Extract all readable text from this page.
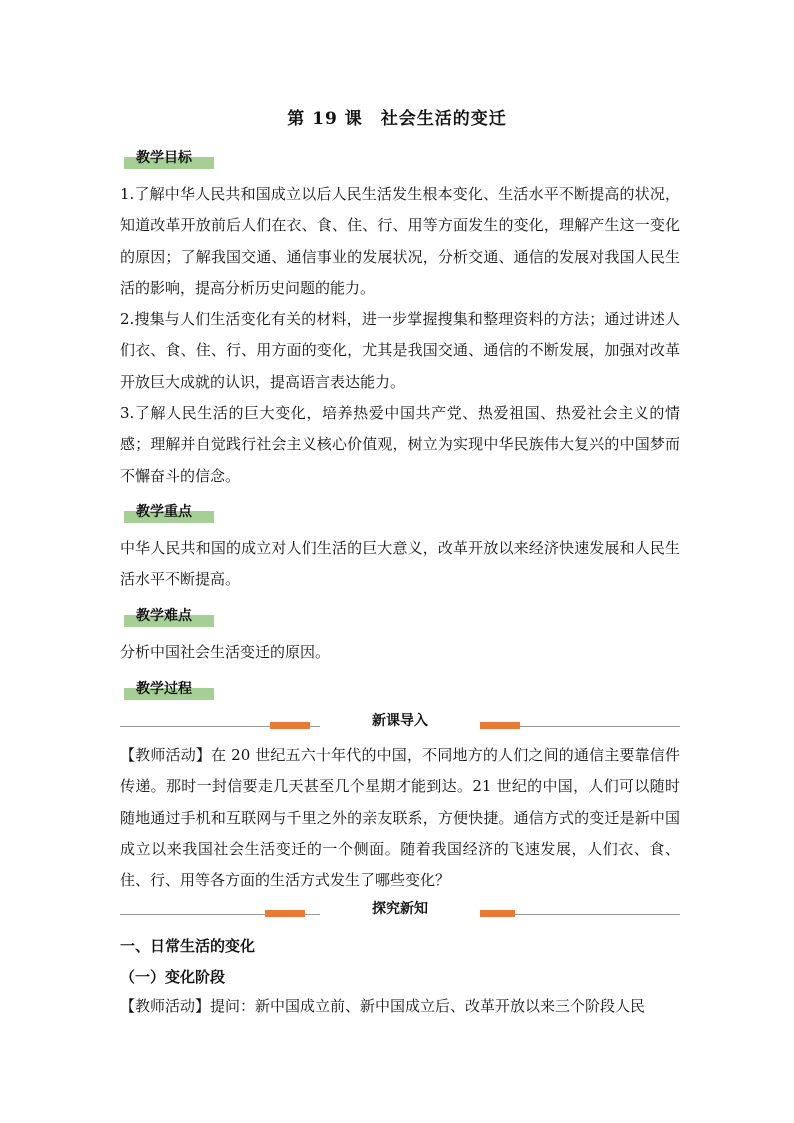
第 19 课　社会生活的变迁
教学目标
1.了解中华人民共和国成立以后人民生活发生根本变化、生活水平不断提高的状况，知道改革开放前后人们在衣、食、住、行、用等方面发生的变化，理解产生这一变化的原因；了解我国交通、通信事业的发展状况，分析交通、通信的发展对我国人民生活的影响，提高分析历史问题的能力。
2.搜集与人们生活变化有关的材料，进一步掌握搜集和整理资料的方法；通过讲述人们衣、食、住、行、用方面的变化，尤其是我国交通、通信的不断发展，加强对改革开放巨大成就的认识，提高语言表达能力。
3.了解人民生活的巨大变化，培养热爱中国共产党、热爱祖国、热爱社会主义的情感；理解并自觉践行社会主义核心价值观，树立为实现中华民族伟大复兴的中国梦而不懈奋斗的信念。
教学重点
中华人民共和国的成立对人们生活的巨大意义，改革开放以来经济快速发展和人民生活水平不断提高。
教学难点
分析中国社会生活变迁的原因。
教学过程
新课导入
【教师活动】在 20 世纪五六十年代的中国，不同地方的人们之间的通信主要靠信件传递。那时一封信要走几天甚至几个星期才能到达。21 世纪的中国，人们可以随时随地通过手机和互联网与千里之外的亲友联系，方便快捷。通信方式的变迁是新中国成立以来我国社会生活变迁的一个侧面。随着我国经济的飞速发展，人们衣、食、住、行、用等各方面的生活方式发生了哪些变化？
探究新知
一、日常生活的变化
（一）变化阶段
【教师活动】提问：新中国成立前、新中国成立后、改革开放以来三个阶段人民
